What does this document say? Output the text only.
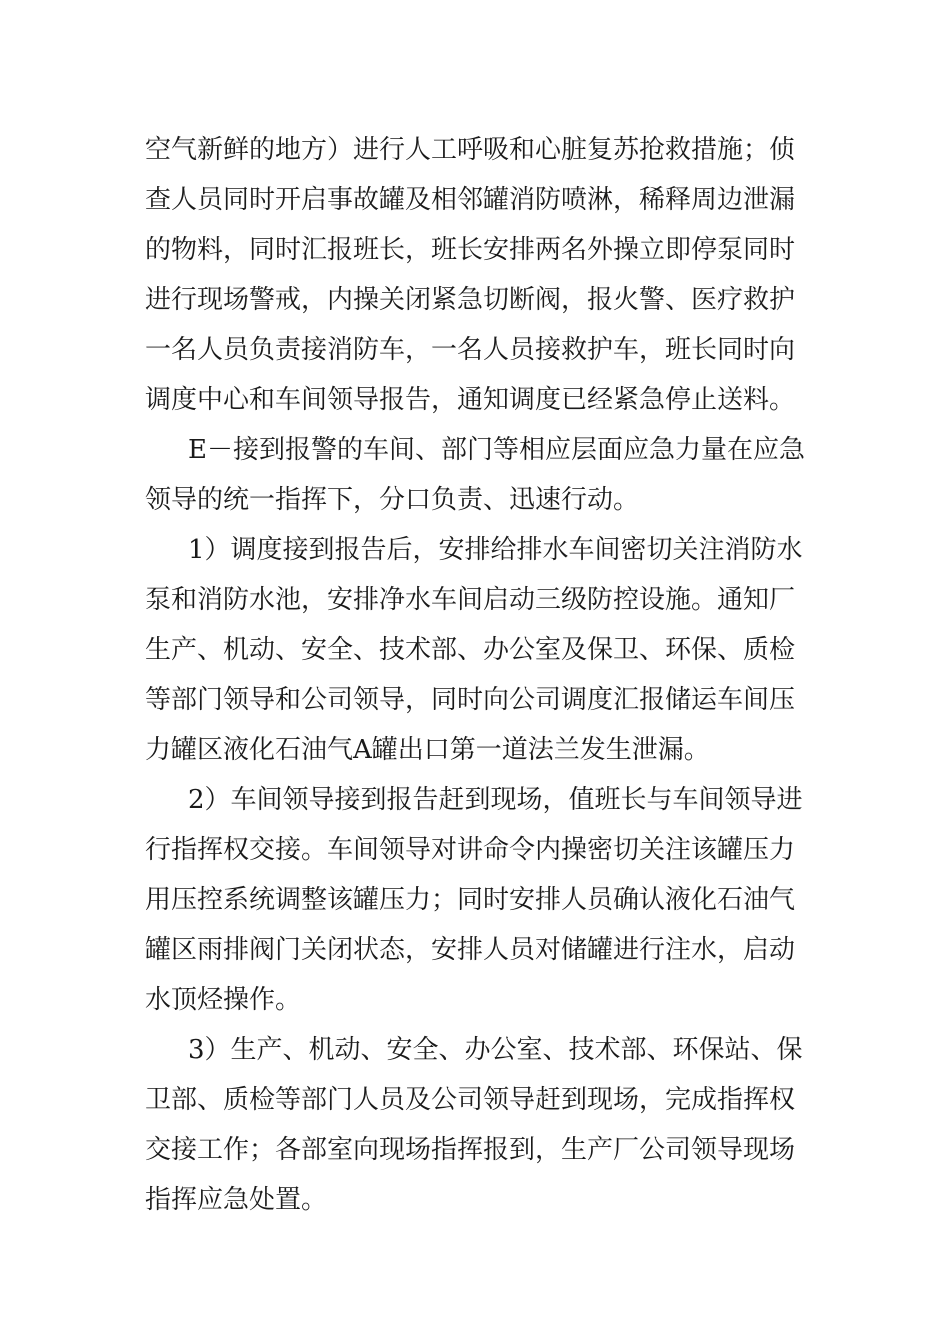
空气新鲜的地方）进行人工呼吸和心脏复苏抢救措施；侦
查人员同时开启事故罐及相邻罐消防喷淋，稀释周边泄漏
的物料，同时汇报班长，班长安排两名外操立即停泵同时
进行现场警戒，内操关闭紧急切断阀，报火警、医疗救护
一名人员负责接消防车，一名人员接救护车，班长同时向
调度中心和车间领导报告，通知调度已经紧急停止送料。
E－接到报警的车间、部门等相应层面应急力量在应急
领导的统一指挥下，分口负责、迅速行动。
1）调度接到报告后，安排给排水车间密切关注消防水
泵和消防水池，安排净水车间启动三级防控设施。通知厂
生产、机动、安全、技术部、办公室及保卫、环保、质检
等部门领导和公司领导，同时向公司调度汇报储运车间压
力罐区液化石油气A罐出口第一道法兰发生泄漏。
2）车间领导接到报告赶到现场，值班长与车间领导进
行指挥权交接。车间领导对讲命令内操密切关注该罐压力
用压控系统调整该罐压力；同时安排人员确认液化石油气
罐区雨排阀门关闭状态，安排人员对储罐进行注水，启动
水顶烃操作。
3）生产、机动、安全、办公室、技术部、环保站、保
卫部、质检等部门人员及公司领导赶到现场，完成指挥权
交接工作；各部室向现场指挥报到，生产厂公司领导现场
指挥应急处置。
